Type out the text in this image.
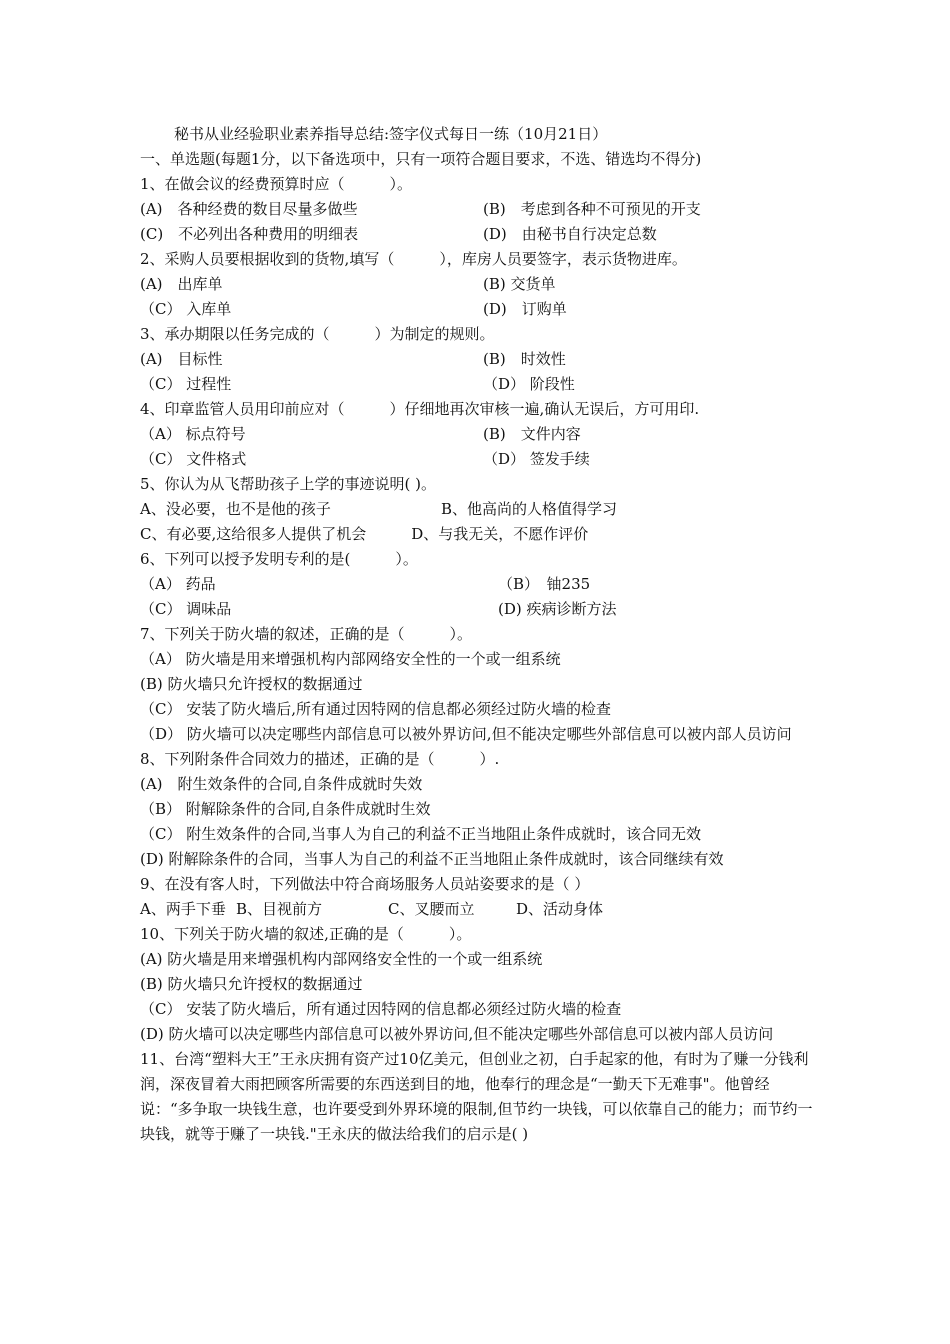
秘书从业经验职业素养指导总结:签字仪式每日一练（10月21日）
一、单选题(每题1分，以下备选项中，只有一项符合题目要求，不选、错选均不得分)
1、在做会议的经费预算时应（　　　）。
(A)　各种经费的数目尽量多做些	(B)　考虑到各种不可预见的开支
(C)　不必列出各种费用的明细表	(D)　由秘书自行决定总数
2、采购人员要根据收到的货物,填写（　　　），库房人员要签字，表示货物进库。
(A)　出库单	(B) 交货单
（C） 入库单	(D)　订购单
3、承办期限以任务完成的（　　　）为制定的规则。
(A)　目标性	(B)　时效性
（C） 过程性	（D） 阶段性
4、印章监管人员用印前应对（　　　）仔细地再次审核一遍,确认无误后，方可用印.
（A） 标点符号	(B)　文件内容
（C） 文件格式	（D） 签发手续
5、你认为从飞帮助孩子上学的事迹说明( )。
A、没必要，也不是他的孩子	B、他高尚的人格值得学习
C、有必要,这给很多人提供了机会　　　D、与我无关，不愿作评价
6、下列可以授予发明专利的是(　　　）。
（A） 药品	（B）　铀235
（C） 调味品	(D) 疾病诊断方法
7、下列关于防火墙的叙述，正确的是（　　　）。
（A） 防火墙是用来增强机构内部网络安全性的一个或一组系统
(B) 防火墙只允许授权的数据通过
（C） 安装了防火墙后,所有通过因特网的信息都必须经过防火墙的检查
（D） 防火墙可以决定哪些内部信息可以被外界访问,但不能决定哪些外部信息可以被内部人员访问
8、下列附条件合同效力的描述，正确的是（　　　）.
(A)　附生效条件的合同,自条件成就时失效
（B） 附解除条件的合同,自条件成就时生效
（C） 附生效条件的合同,当事人为自己的利益不正当地阻止条件成就时，该合同无效
(D) 附解除条件的合同，当事人为自己的利益不正当地阻止条件成就时，该合同继续有效
9、在没有客人时，下列做法中符合商场服务人员站姿要求的是（ ）
A、两手下垂 B、目视前方	C、叉腰而立	D、活动身体
10、下列关于防火墙的叙述,正确的是（　　　）。
(A) 防火墙是用来增强机构内部网络安全性的一个或一组系统
(B) 防火墙只允许授权的数据通过
（C） 安装了防火墙后，所有通过因特网的信息都必须经过防火墙的检查
(D) 防火墙可以决定哪些内部信息可以被外界访问,但不能决定哪些外部信息可以被内部人员访问
11、台湾“塑料大王”王永庆拥有资产过10亿美元，但创业之初，白手起家的他，有时为了赚一分钱利润，深夜冒着大雨把顾客所需要的东西送到目的地，他奉行的理念是“一勤天下无难事"。他曾经说：“多争取一块钱生意，也许要受到外界环境的限制,但节约一块钱，可以依靠自己的能力；而节约一块钱，就等于赚了一块钱."王永庆的做法给我们的启示是( )
